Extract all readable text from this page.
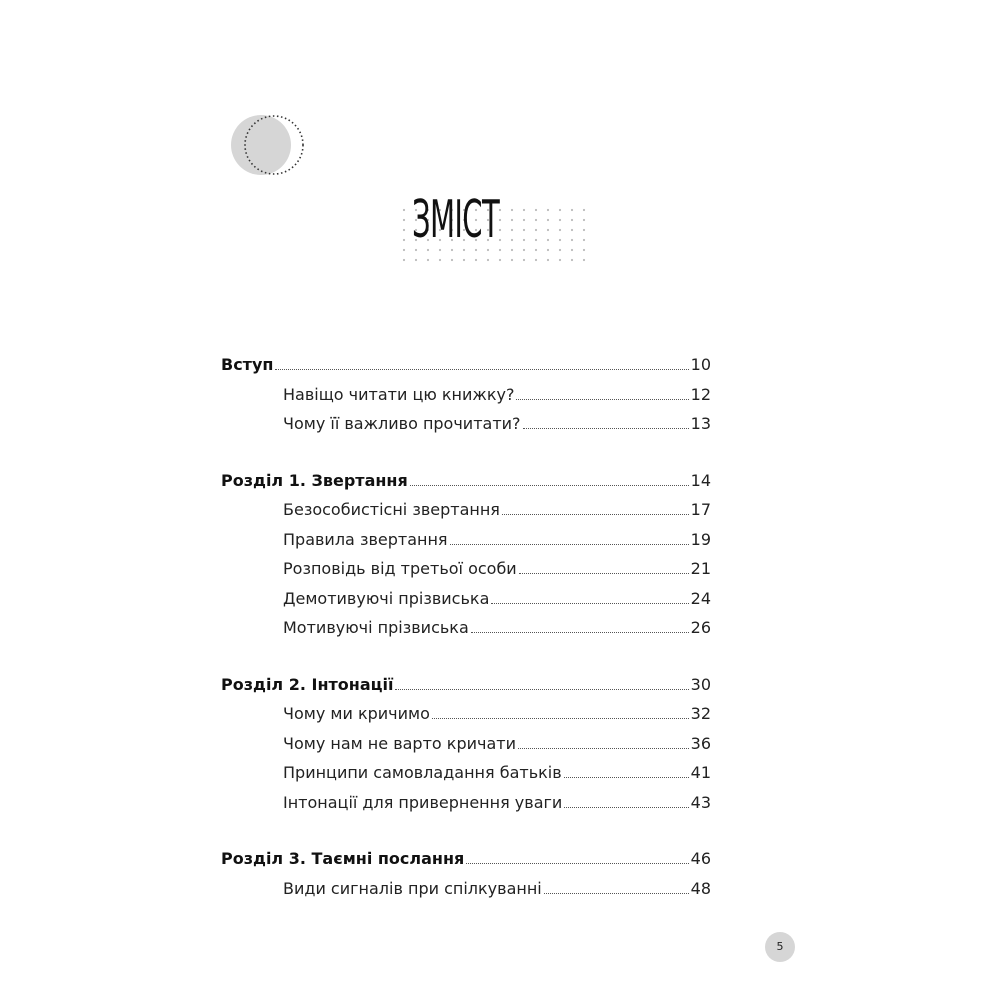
ЗМІСТ
Вступ	10
Навіщо читати цю книжку?	12
Чому її важливо прочитати?	13
Розділ 1. Звертання	14
Безособистісні звертання	17
Правила звертання	19
Розповідь від третьої особи	21
Демотивуючі прізвиська	24
Мотивуючі прізвиська	26
Розділ 2. Інтонації	30
Чому ми кричимо	32
Чому нам не варто кричати	36
Принципи самовладання батьків	41
Інтонації для привернення уваги	43
Розділ 3. Таємні послання	46
Види сигналів при спілкуванні	48
5
